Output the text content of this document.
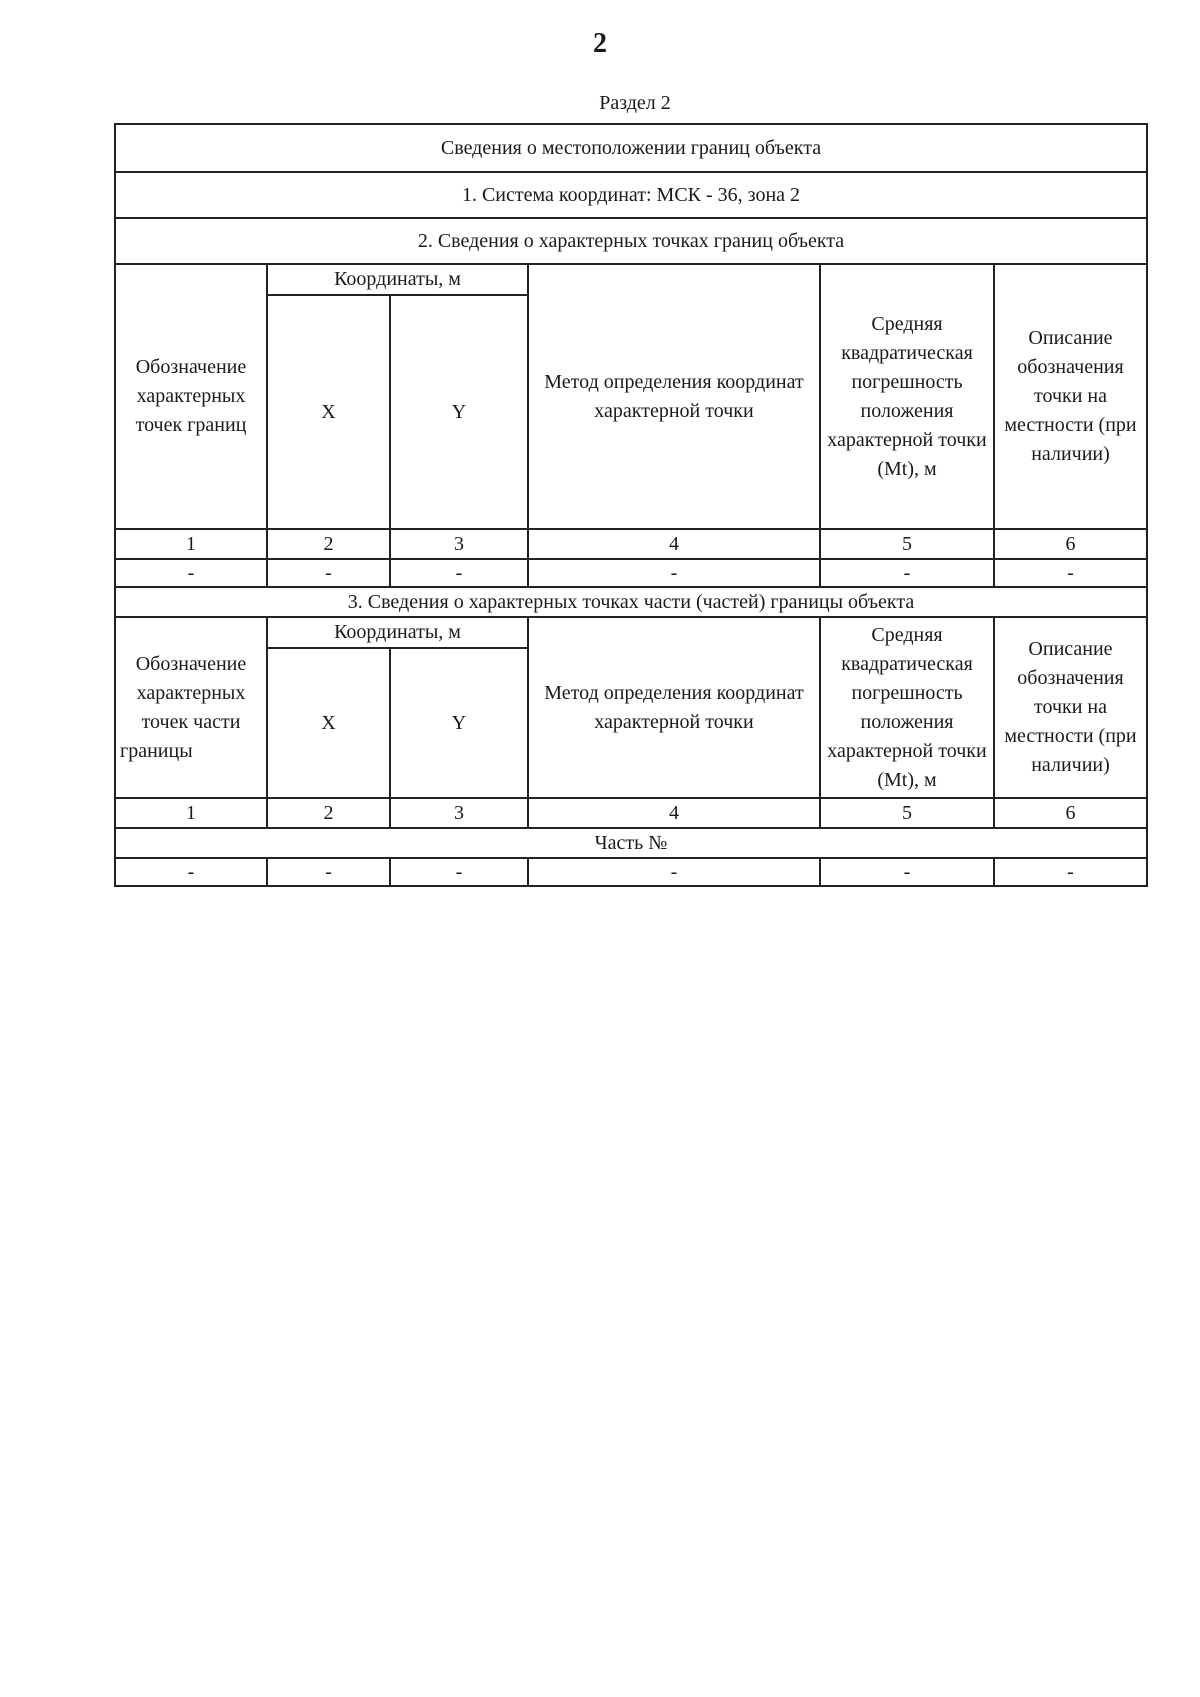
2
Раздел 2
Сведения о местоположении границ объекта					
1. Система координат: МСК - 36, зона 2					
2. Сведения о характерных точках границ объекта					
Обозначение характерных точек границ	Координаты, м		Метод определения координат характерной точки	Средняя квадратическая погрешность положения характерной точки (Mt), м	Описание обозначения точки на местности (при наличии)
	X	Y			
1	2	3	4	5	6
-	-	-	-	-	-
3. Сведения о характерных точках части (частей) границы объекта					
Обозначение характерных точек части границы	Координаты, м		Метод определения координат характерной точки	Средняя квадратическая погрешность положения характерной точки (Mt), м	Описание обозначения точки на местности (при наличии)
	X	Y			
1	2	3	4	5	6
Часть №					
-	-	-	-	-	-
